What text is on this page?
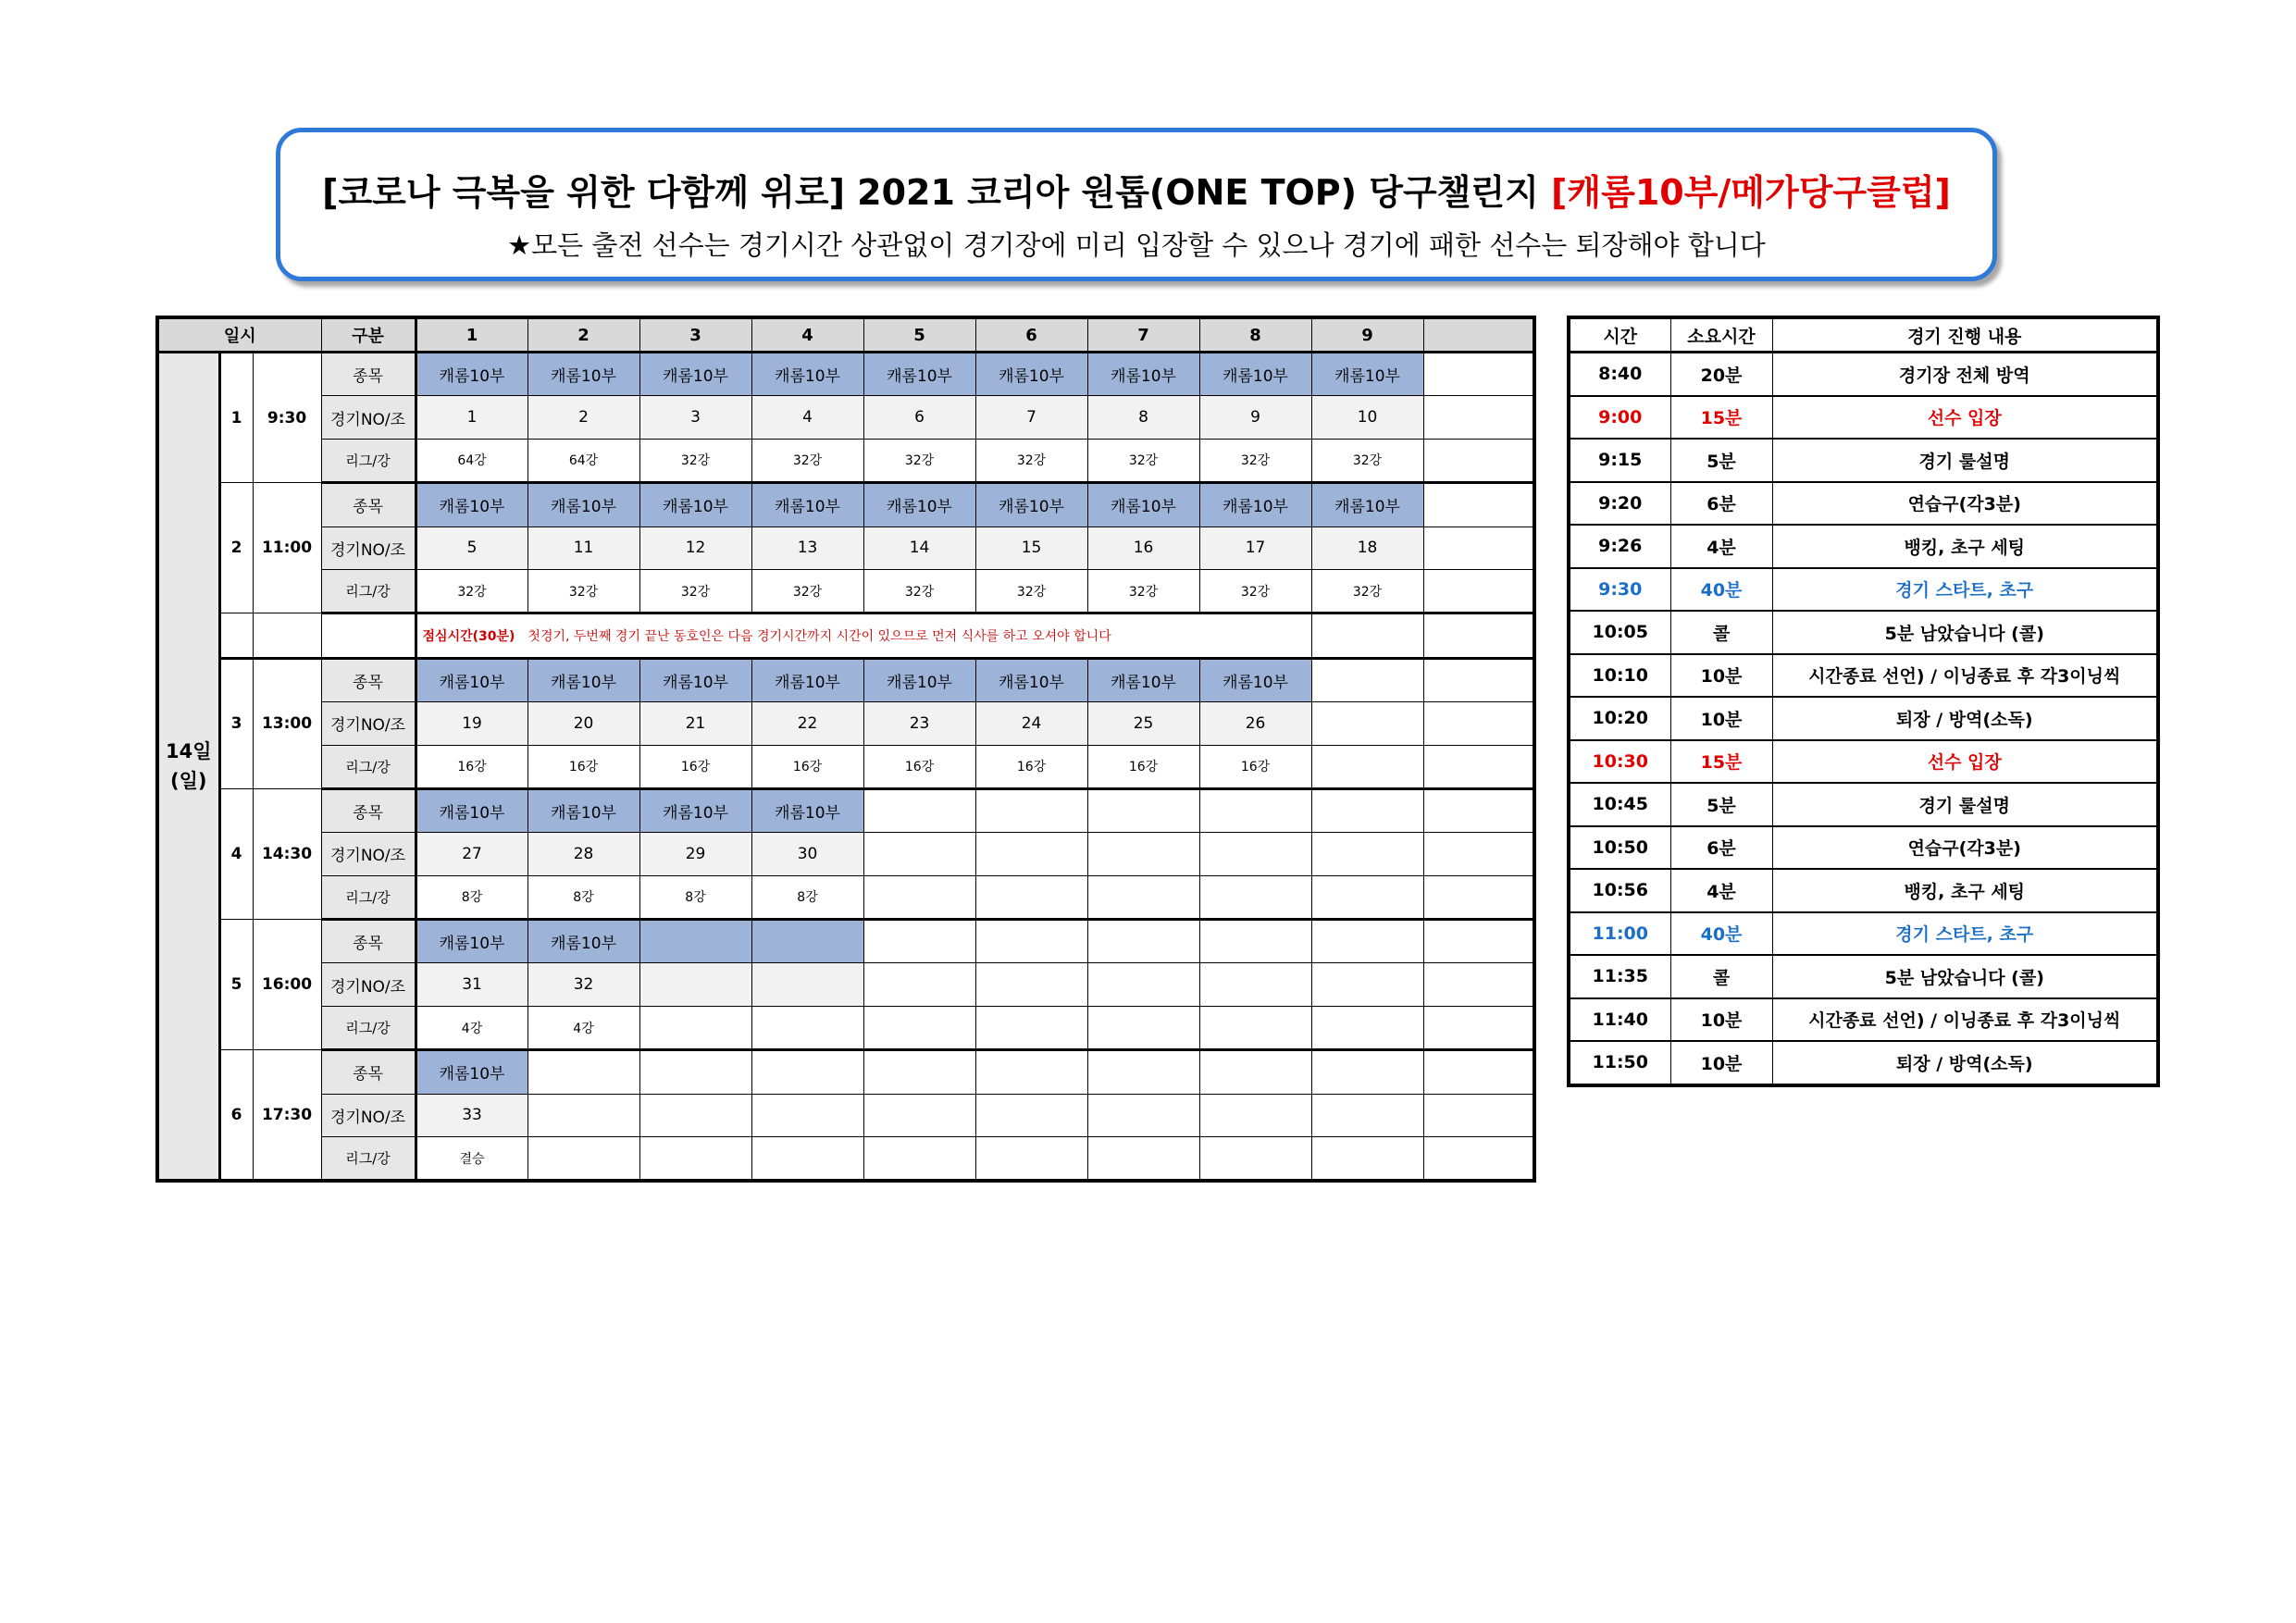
[코로나 극복을 위한 다함께 위로] 2021 코리아 원톱(ONE TOP) 당구챌린지 [캐롬10부/메가당구클럽]
★모든 출전 선수는 경기시간 상관없이 경기장에 미리 입장할 수 있으나 경기에 패한 선수는 퇴장해야 합니다
일시			구분	1	2	3	4	5	6	7	8	9	

14일
(일)	1	9:30	종목	캐롬10부	캐롬10부	캐롬10부	캐롬10부	캐롬10부	캐롬10부	캐롬10부	캐롬10부	캐롬10부	
			경기NO/조	1	2	3	4	6	7	8	9	10	
			리그/강	64강	64강	32강	32강	32강	32강	32강	32강	32강	
	2	11:00	종목	캐롬10부	캐롬10부	캐롬10부	캐롬10부	캐롬10부	캐롬10부	캐롬10부	캐롬10부	캐롬10부	
			경기NO/조	5	11	12	13	14	15	16	17	18	
			리그/강	32강	32강	32강	32강	32강	32강	32강	32강	32강	
				점심시간(30분) 첫경기, 두번째 경기 끝난 동호인은 다음 경기시간까지 시간이 있으므로 먼저 식사를 하고 오셔야 합니다									
	3	13:00	종목	캐롬10부	캐롬10부	캐롬10부	캐롬10부	캐롬10부	캐롬10부	캐롬10부	캐롬10부		
			경기NO/조	19	20	21	22	23	24	25	26		
			리그/강	16강	16강	16강	16강	16강	16강	16강	16강		
	4	14:30	종목	캐롬10부	캐롬10부	캐롬10부	캐롬10부						
			경기NO/조	27	28	29	30						
			리그/강	8강	8강	8강	8강						
	5	16:00	종목	캐롬10부	캐롬10부								
			경기NO/조	31	32								
			리그/강	4강	4강								
	6	17:30	종목	캐롬10부									
			경기NO/조	33									
			리그/강	결승									
시간	소요시간	경기 진행 내용
8:40	20분	경기장 전체 방역
9:00	15분	선수 입장
9:15	5분	경기 룰설명
9:20	6분	연습구(각3분)
9:26	4분	뱅킹, 초구 세팅
9:30	40분	경기 스타트, 초구
10:05	콜	5분 남았습니다 (콜)
10:10	10분	시간종료 선언) / 이닝종료 후 각3이닝씩
10:20	10분	퇴장 / 방역(소독)
10:30	15분	선수 입장
10:45	5분	경기 룰설명
10:50	6분	연습구(각3분)
10:56	4분	뱅킹, 초구 세팅
11:00	40분	경기 스타트, 초구
11:35	콜	5분 남았습니다 (콜)
11:40	10분	시간종료 선언) / 이닝종료 후 각3이닝씩
11:50	10분	퇴장 / 방역(소독)
